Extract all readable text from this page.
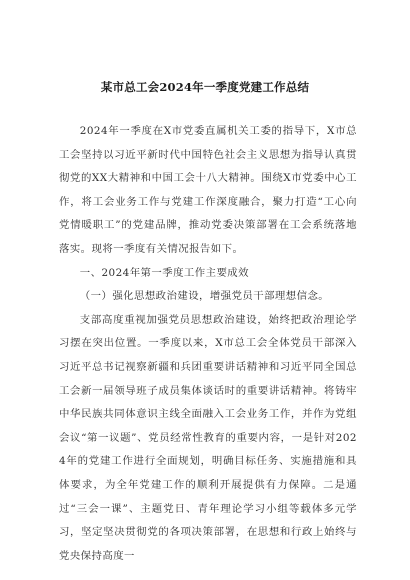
某市总工会2024年一季度党建工作总结

2024年一季度在X市党委直属机关工委的指导下，X市总工会坚持以习近平新时代中国特色社会主义思想为指导认真贯彻党的XX大精神和中国工会十八大精神。围绕X市党委中心工作，将工会业务工作与党建工作深度融合，聚力打造“工心向党情暖职工”的党建品牌，推动党委决策部署在工会系统落地落实。现将一季度有关情况报告如下。

一、2024年第一季度工作主要成效

（一）强化思想政治建设，增强党员干部理想信念。

支部高度重视加强党员思想政治建设，始终把政治理论学习摆在突出位置。一季度以来，X市总工会全体党员干部深入习近平总书记视察新疆和兵团重要讲话精神和习近平同全国总工会新一届领导班子成员集体谈话时的重要讲话精神。将铸牢中华民族共同体意识主线全面融入工会业务工作，并作为党组会议“第一议题”、党员经常性教育的重要内容，一是针对2024年的党建工作进行全面规划，明确目标任务、实施措施和具体要求，为全年党建工作的顺利开展提供有力保障。二是通过“三会一课”、主题党日、青年理论学习小组等载体多元学习，坚定坚决贯彻党的各项决策部署，在思想和行政上始终与党央保持高度一
